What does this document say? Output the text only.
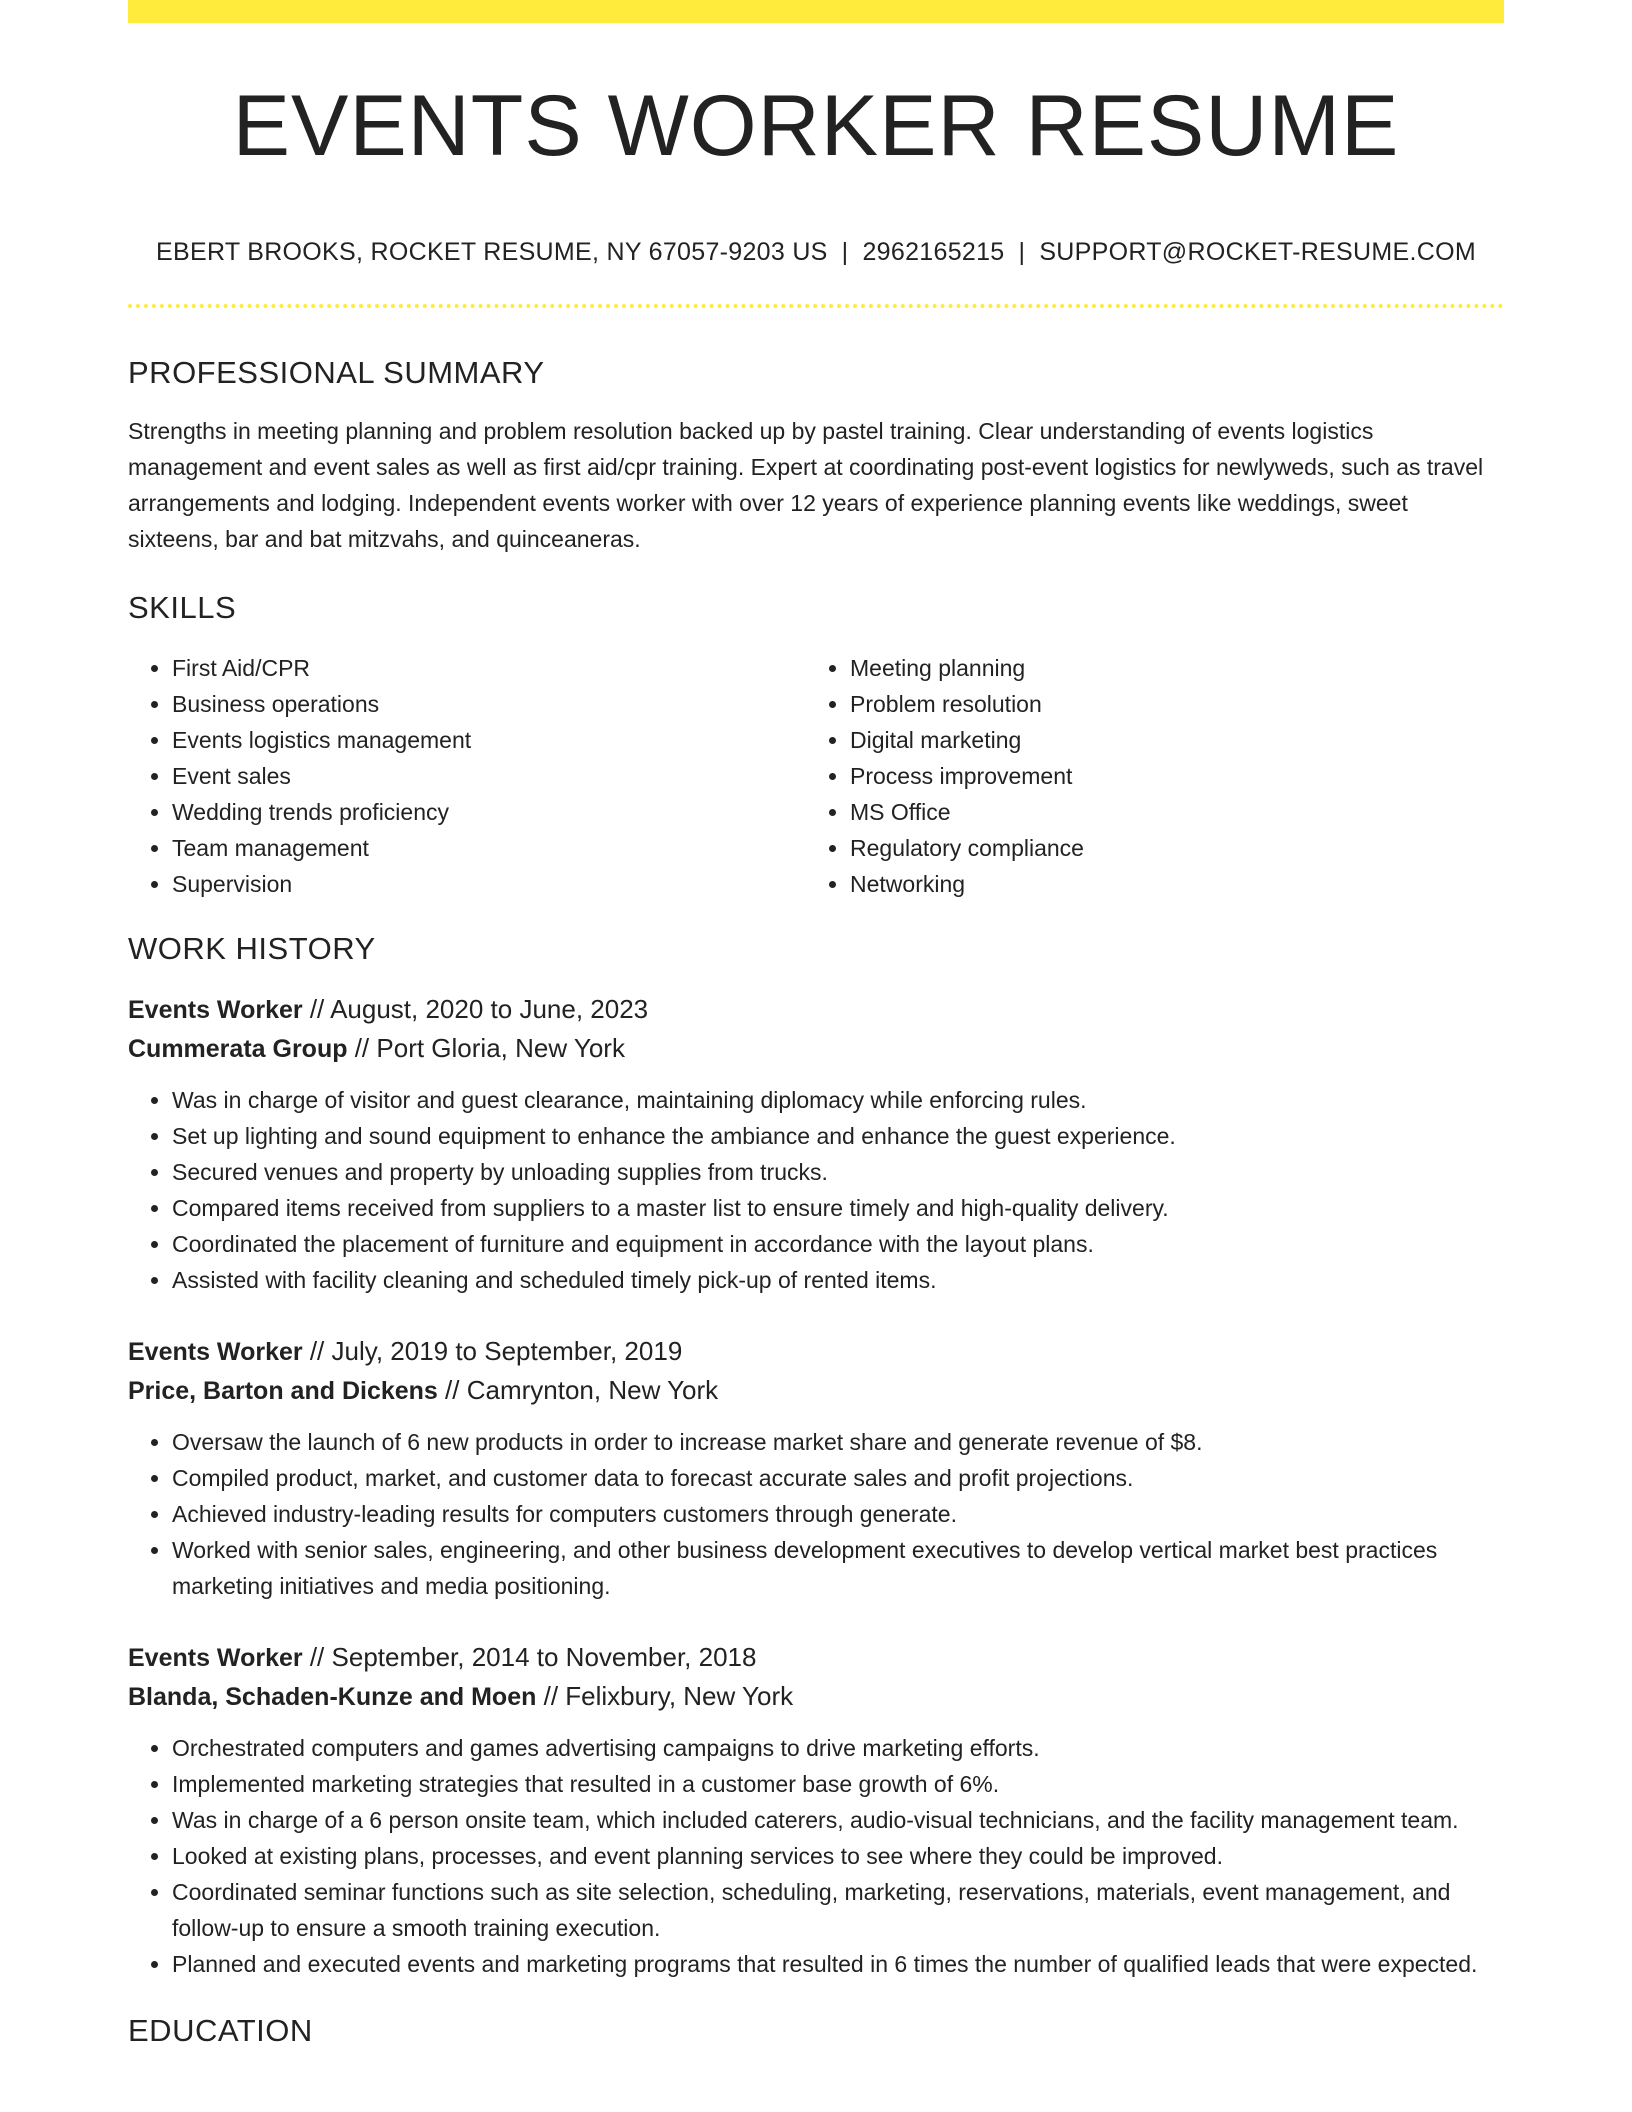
EVENTS WORKER RESUME
EBERT BROOKS, ROCKET RESUME, NY 67057-9203 US | 2962165215 | SUPPORT@ROCKET-RESUME.COM
PROFESSIONAL SUMMARY

Strengths in meeting planning and problem resolution backed up by pastel training. Clear understanding of events logistics management and event sales as well as first aid/cpr training. Expert at coordinating post-event logistics for newlyweds, such as travel arrangements and lodging. Independent events worker with over 12 years of experience planning events like weddings, sweet sixteens, bar and bat mitzvahs, and quinceaneras.

SKILLS
• First Aid/CPR
• Business operations
• Events logistics management
• Event sales
• Wedding trends proficiency
• Team management
• Supervision
• Meeting planning
• Problem resolution
• Digital marketing
• Process improvement
• MS Office
• Regulatory compliance
• Networking
WORK HISTORY
Events Worker // August, 2020 to June, 2023
Cummerata Group // Port Gloria, New York
• Was in charge of visitor and guest clearance, maintaining diplomacy while enforcing rules.
• Set up lighting and sound equipment to enhance the ambiance and enhance the guest experience.
• Secured venues and property by unloading supplies from trucks.
• Compared items received from suppliers to a master list to ensure timely and high-quality delivery.
• Coordinated the placement of furniture and equipment in accordance with the layout plans.
• Assisted with facility cleaning and scheduled timely pick-up of rented items.
Events Worker // July, 2019 to September, 2019
Price, Barton and Dickens // Camrynton, New York
• Oversaw the launch of 6 new products in order to increase market share and generate revenue of $8.
• Compiled product, market, and customer data to forecast accurate sales and profit projections.
• Achieved industry-leading results for computers customers through generate.
• Worked with senior sales, engineering, and other business development executives to develop vertical market best practices marketing initiatives and media positioning.
Events Worker // September, 2014 to November, 2018
Blanda, Schaden-Kunze and Moen // Felixbury, New York
• Orchestrated computers and games advertising campaigns to drive marketing efforts.
• Implemented marketing strategies that resulted in a customer base growth of 6%.
• Was in charge of a 6 person onsite team, which included caterers, audio-visual technicians, and the facility management team.
• Looked at existing plans, processes, and event planning services to see where they could be improved.
• Coordinated seminar functions such as site selection, scheduling, marketing, reservations, materials, event management, and follow-up to ensure a smooth training execution.
• Planned and executed events and marketing programs that resulted in 6 times the number of qualified leads that were expected.
EDUCATION
